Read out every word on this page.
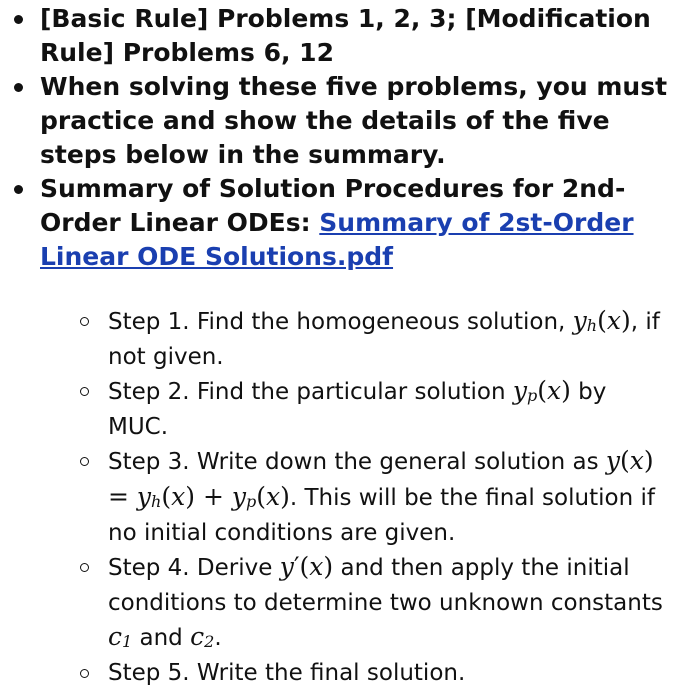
[Basic Rule] Problems 1, 2, 3; [Modification Rule] Problems 6, 12
When solving these five problems, you must practice and show the details of the five steps below in the summary.
Summary of Solution Procedures for 2nd-Order Linear ODEs: Summary of 2st-Order Linear ODE Solutions.pdf
Step 1. Find the homogeneous solution, $y_h(x)$, if not given.
Step 2. Find the particular solution $y_p(x)$ by MUC.
Step 3. Write down the general solution as $y(x) = y_h(x) + y_p(x)$. This will be the final solution if no initial conditions are given.
Step 4. Derive y′(x) and then apply the initial conditions to determine two unknown constants $c_1$ and $c_2$.
Step 5. Write the final solution.
